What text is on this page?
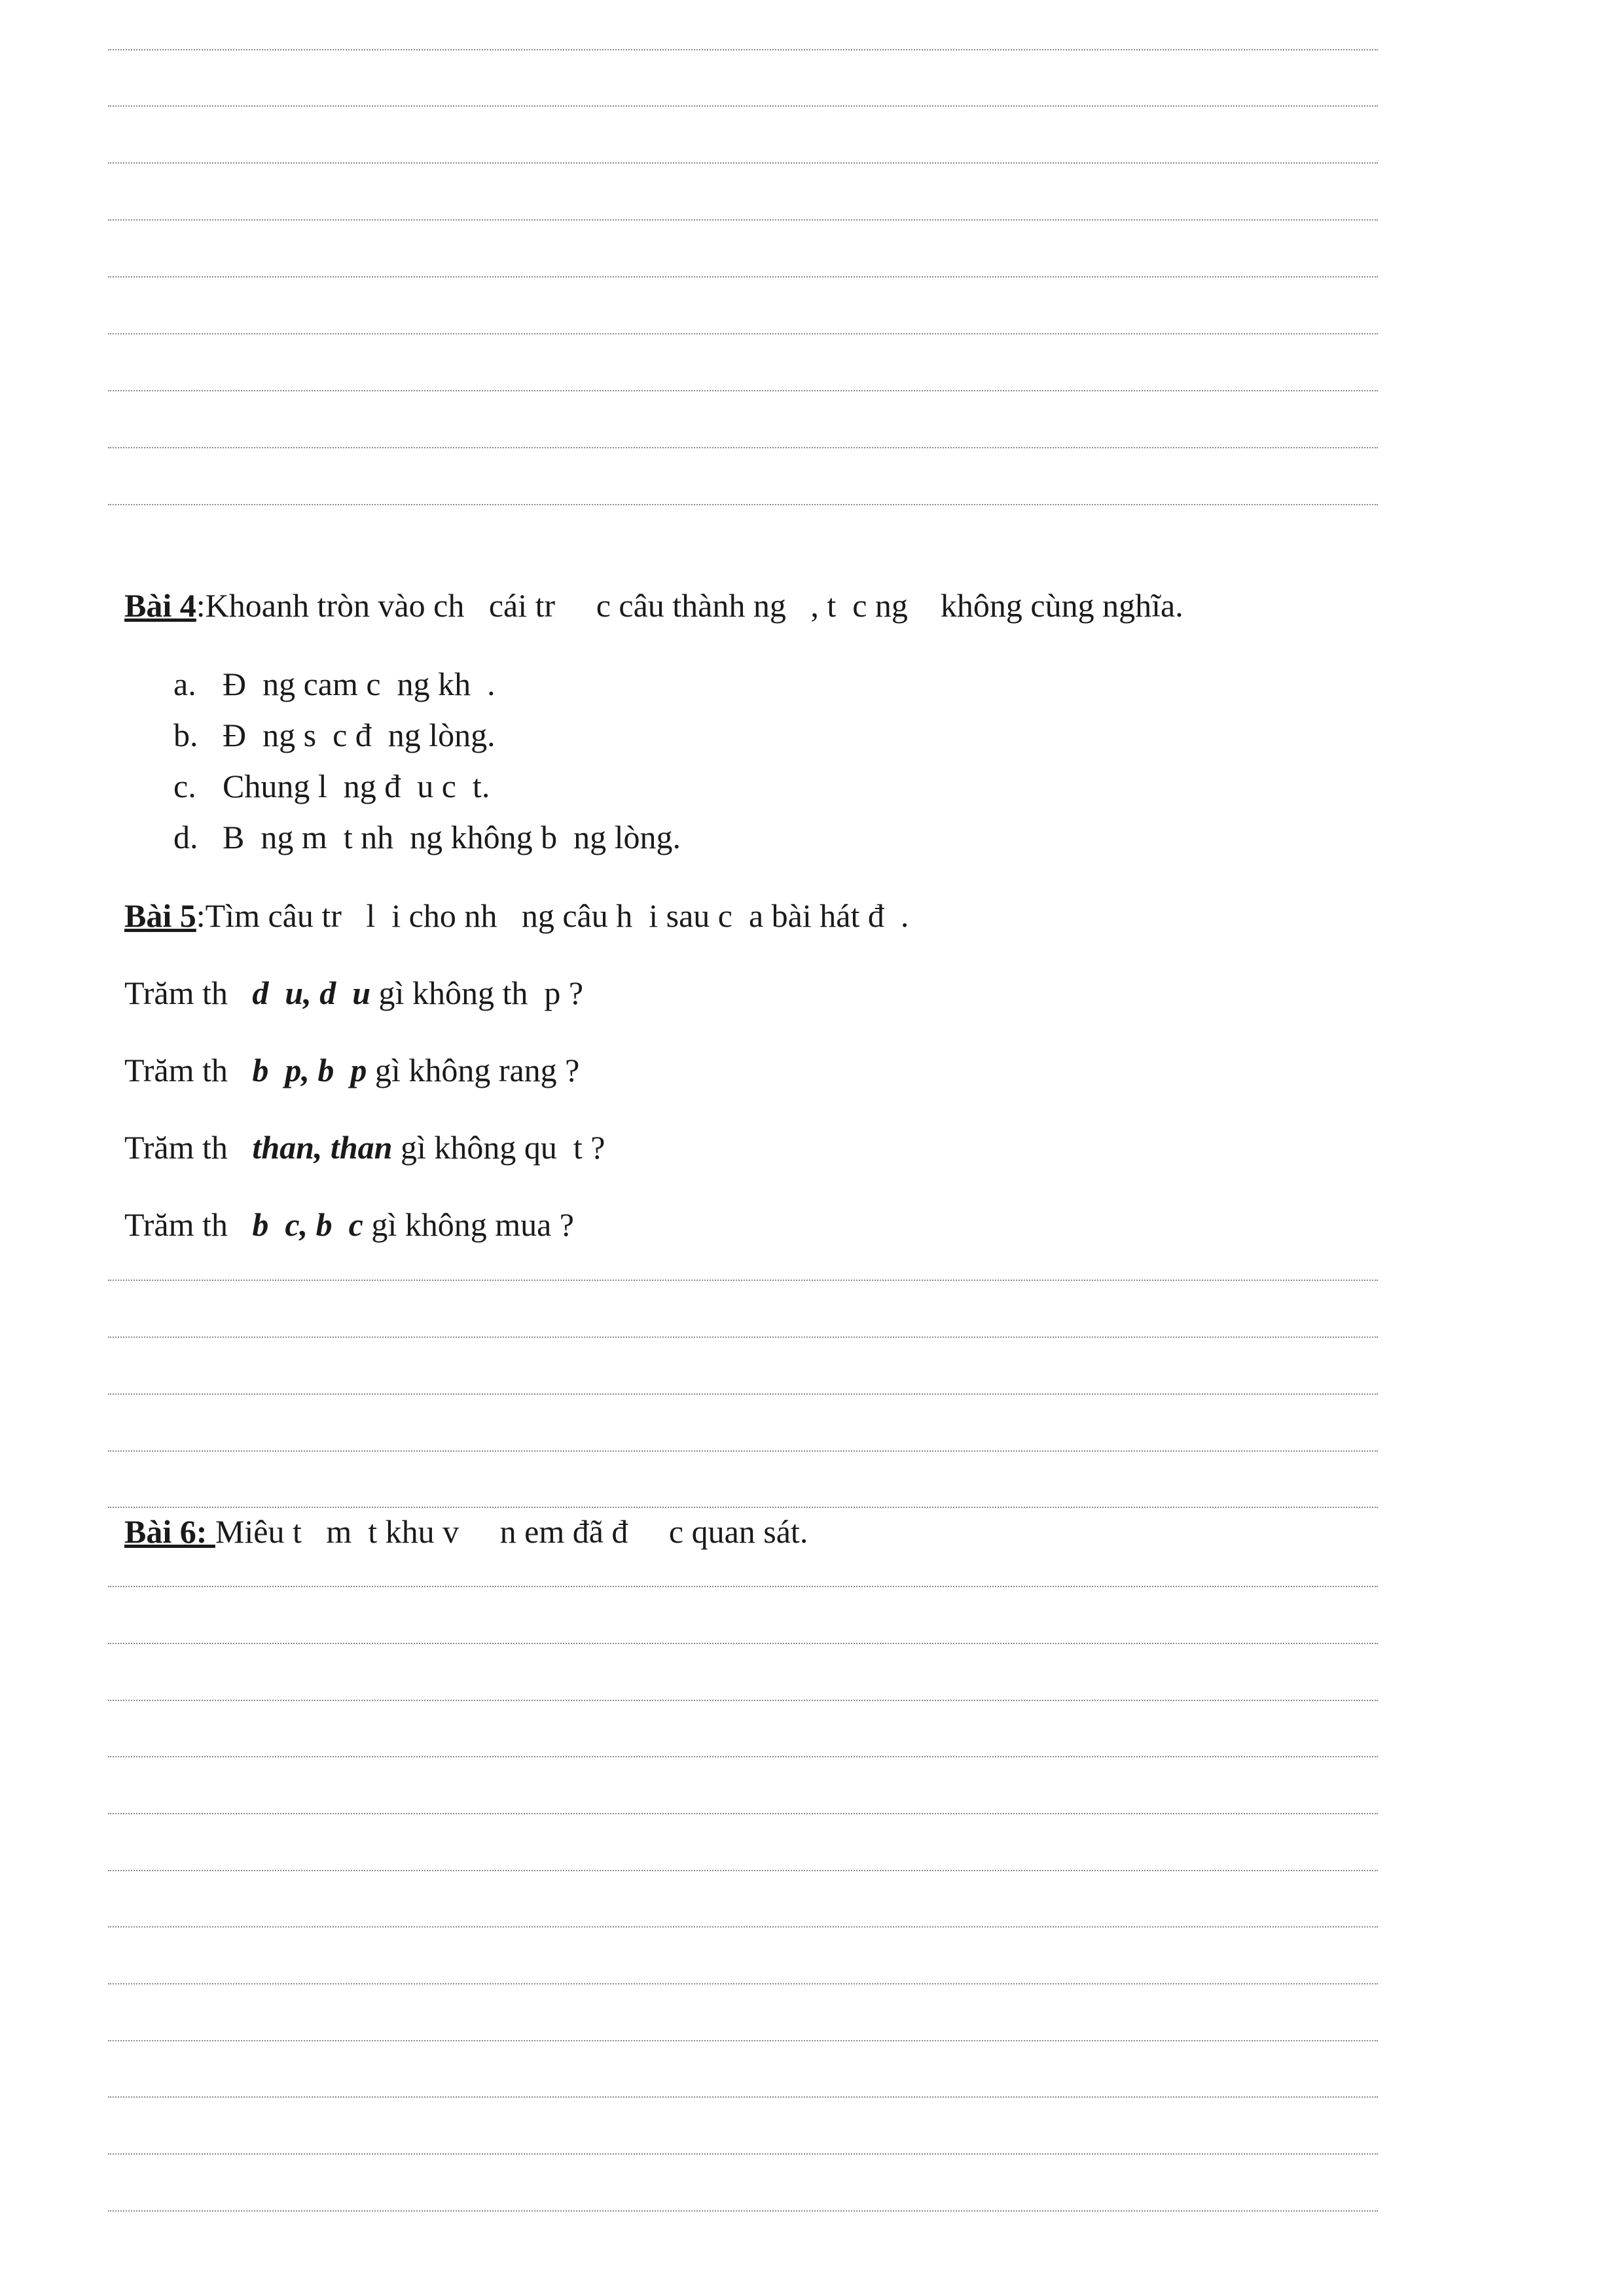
Bài 4:Khoanh tròn vào ch   cái tr     c câu thành ng   , t  c ng    không cùng nghĩa.
a. Đ  ng cam c  ng kh  .
b. Đ  ng s  c đ  ng lòng.
c. Chung l  ng đ  u c  t.
d. B  ng m  t nh  ng không b  ng lòng.
Bài 5:Tìm câu tr   l  i cho nh   ng câu h  i sau c  a bài hát đ  .
Trăm th   d  u, d  u gì không th  p ?
Trăm th   b  p, b  p gì không rang ?
Trăm th   than, than gì không qu  t ?
Trăm th   b  c, b  c gì không mua ?
Bài 6: Miêu t   m  t khu v     n em đã đ     c quan sát.
